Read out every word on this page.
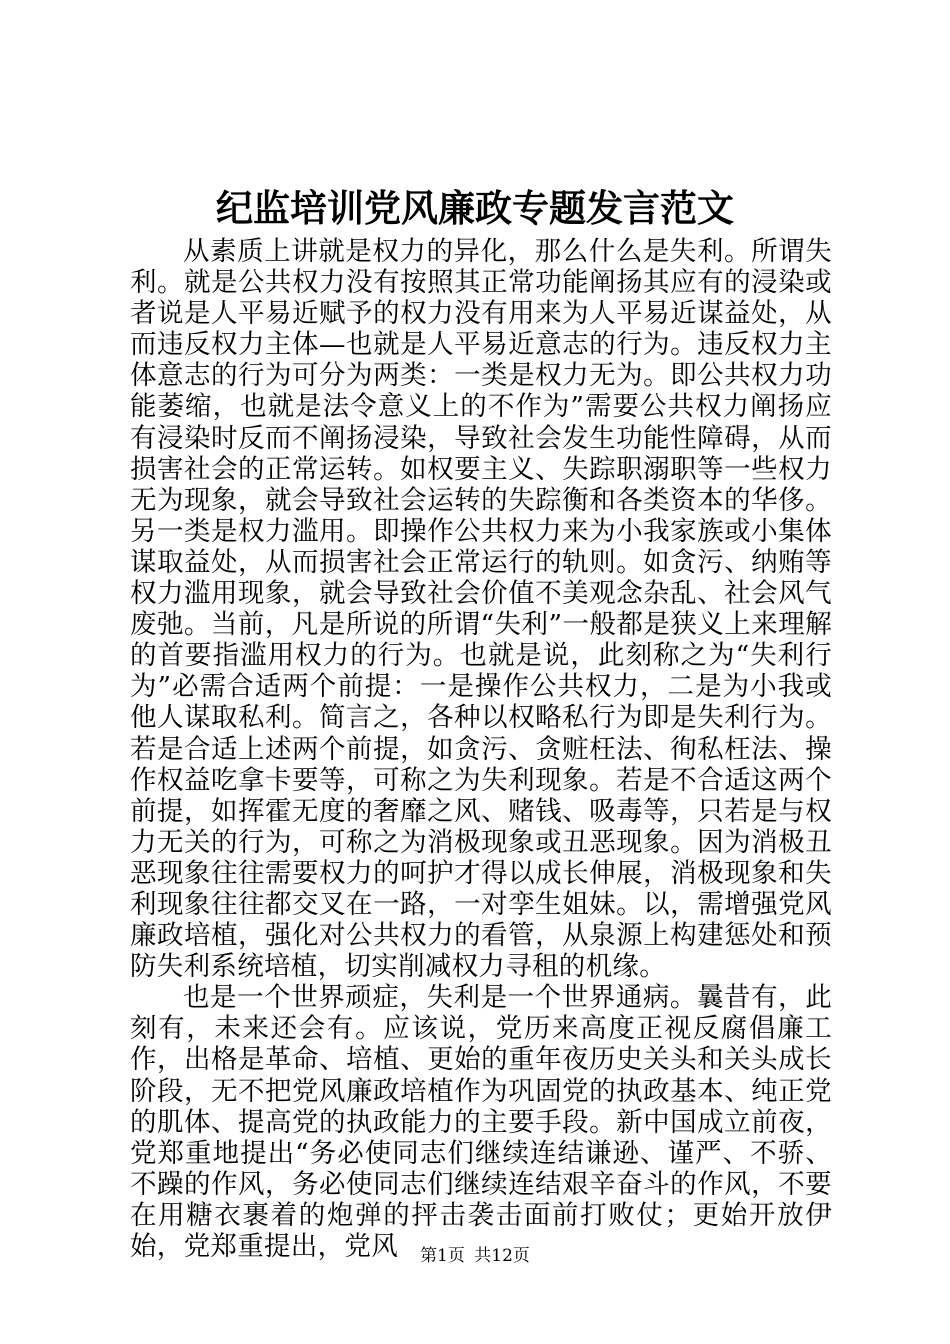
纪监培训党风廉政专题发言范文

从素质上讲就是权力的异化，那么什么是失利。所谓失利。就是公共权力没有按照其正常功能阐扬其应有的浸染或者说是人平易近赋予的权力没有用来为人平易近谋益处，从而违反权力主体—也就是人平易近意志的行为。违反权力主体意志的行为可分为两类：一类是权力无为。即公共权力功能萎缩，也就是法令意义上的不作为”需要公共权力阐扬应有浸染时反而不阐扬浸染，导致社会发生功能性障碍，从而损害社会的正常运转。如权要主义、失踪职溺职等一些权力无为现象，就会导致社会运转的失踪衡和各类资本的华侈。另一类是权力滥用。即操作公共权力来为小我家族或小集体谋取益处，从而损害社会正常运行的轨则。如贪污、纳贿等权力滥用现象，就会导致社会价值不美观念杂乱、社会风气废弛。当前，凡是所说的所谓“失利”一般都是狭义上来理解的首要指滥用权力的行为。也就是说，此刻称之为“失利行为”必需合适两个前提：一是操作公共权力，二是为小我或他人谋取私利。简言之，各种以权略私行为即是失利行为。若是合适上述两个前提，如贪污、贪赃枉法、徇私枉法、操作权益吃拿卡要等，可称之为失利现象。若是不合适这两个前提，如挥霍无度的奢靡之风、赌钱、吸毒等，只若是与权力无关的行为，可称之为消极现象或丑恶现象。因为消极丑恶现象往往需要权力的呵护才得以成长伸展，消极现象和失利现象往往都交叉在一路，一对孪生姐妹。以，需增强党风廉政培植，强化对公共权力的看管，从泉源上构建惩处和预防失利系统培植，切实削减权力寻租的机缘。

也是一个世界顽症，失利是一个世界通病。曩昔有，此刻有，未来还会有。应该说，党历来高度正视反腐倡廉工作，出格是革命、培植、更始的重年夜历史关头和关头成长阶段，无不把党风廉政培植作为巩固党的执政基本、纯正党的肌体、提高党的执政能力的主要手段。新中国成立前夜，党郑重地提出“务必使同志们继续连结谦逊、谨严、不骄、不躁的作风，务必使同志们继续连结艰辛奋斗的作风，不要在用糖衣裹着的炮弹的抨击袭击面前打败仗；更始开放伊始，党郑重提出，党风	第1页 共12页
